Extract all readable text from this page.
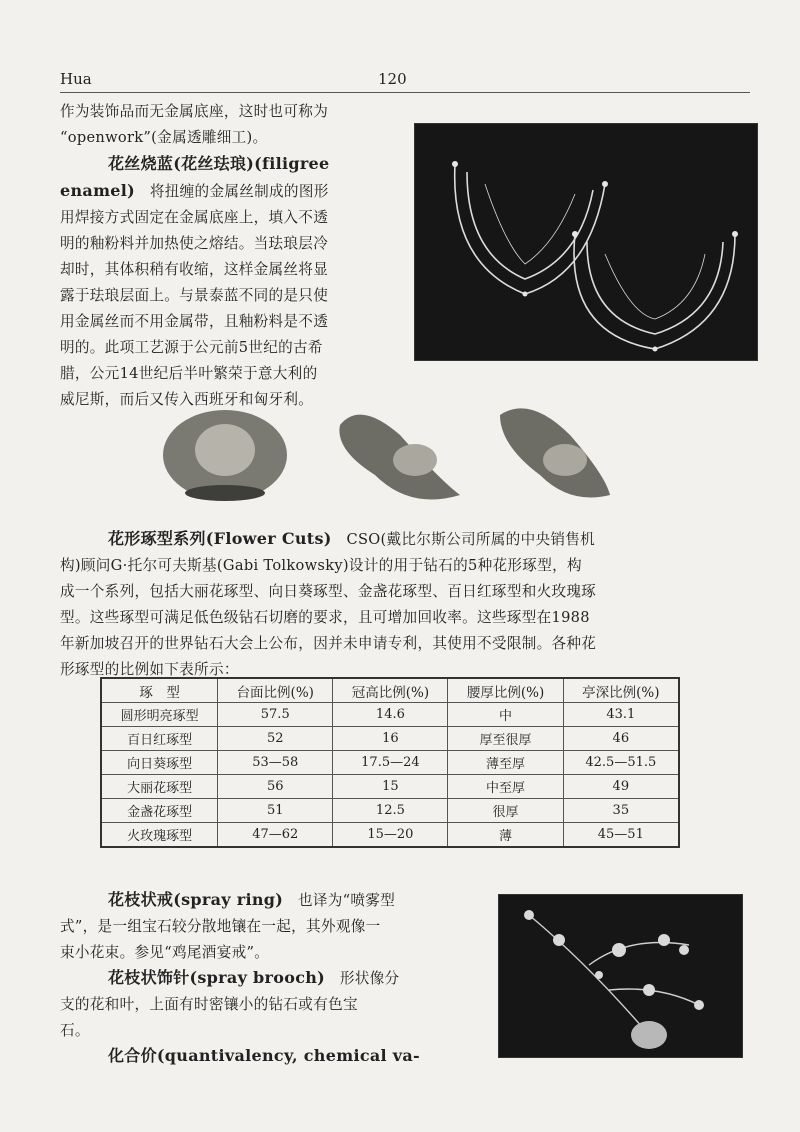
Hua	120

作为装饰品而无金属底座，这时也可称为
“openwork”(金属透雕细工)。

花丝烧蓝(花丝珐琅)(filigree
enamel) 将扭缠的金属丝制成的图形
用焊接方式固定在金属底座上，填入不透
明的釉粉料并加热使之熔结。当珐琅层冷
却时，其体积稍有收缩，这样金属丝将显
露于珐琅层面上。与景泰蓝不同的是只使
用金属丝而不用金属带，且釉粉料是不透
明的。此项工艺源于公元前5世纪的古希
腊，公元14世纪后半叶繁荣于意大利的
威尼斯，而后又传入西班牙和匈牙利。

花形琢型系列(Flower Cuts) CSO(戴比尔斯公司所属的中央销售机
构)顾问G·托尔可夫斯基(Gabi Tolkowsky)设计的用于钻石的5种花形琢型，构
成一个系列，包括大丽花琢型、向日葵琢型、金盏花琢型、百日红琢型和火玫瑰琢
型。这些琢型可满足低色级钻石切磨的要求，且可增加回收率。这些琢型在1988
年新加坡召开的世界钻石大会上公布，因并未申请专利，其使用不受限制。各种花
形琢型的比例如下表所示：

琢　型	台面比例(%)	冠高比例(%)	腰厚比例(%)	亭深比例(%)
圆形明亮琢型	57.5	14.6	中	43.1
百日红琢型	52	16	厚至很厚	46
向日葵琢型	53—58	17.5—24	薄至厚	42.5—51.5
大丽花琢型	56	15	中至厚	49
金盏花琢型	51	12.5	很厚	35
火玫瑰琢型	47—62	15—20	薄	45—51

花枝状戒(spray ring) 也译为“喷雾型
式”，是一组宝石较分散地镶在一起，其外观像一
束小花束。参见“鸡尾酒宴戒”。

花枝状饰针(spray brooch) 形状像分
支的花和叶，上面有时密镶小的钻石或有色宝
石。

化合价(quantivalency, chemical va-
